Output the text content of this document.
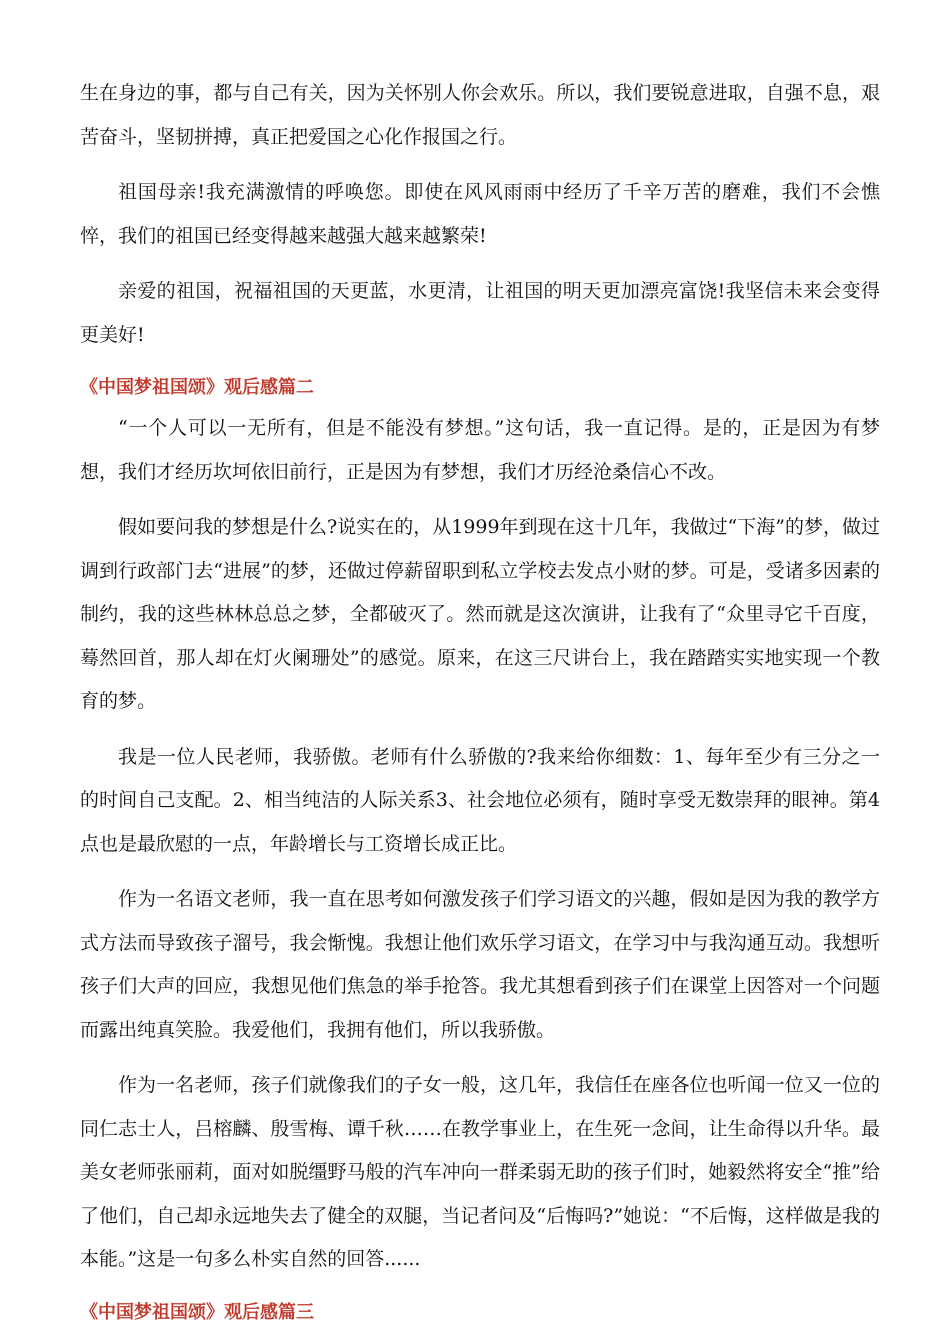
生在身边的事，都与自己有关，因为关怀别人你会欢乐。所以，我们要锐意进取，自强不息，艰苦奋斗，坚韧拼搏，真正把爱国之心化作报国之行。

祖国母亲!我充满激情的呼唤您。即使在风风雨雨中经历了千辛万苦的磨难，我们不会憔悴，我们的祖国已经变得越来越强大越来越繁荣!

亲爱的祖国，祝福祖国的天更蓝，水更清，让祖国的明天更加漂亮富饶!我坚信未来会变得更美好!

《中国梦祖国颂》观后感篇二

“一个人可以一无所有，但是不能没有梦想。”这句话，我一直记得。是的，正是因为有梦想，我们才经历坎坷依旧前行，正是因为有梦想，我们才历经沧桑信心不改。

假如要问我的梦想是什么?说实在的，从1999年到现在这十几年，我做过“下海”的梦，做过调到行政部门去“进展”的梦，还做过停薪留职到私立学校去发点小财的梦。可是，受诸多因素的制约，我的这些林林总总之梦，全都破灭了。然而就是这次演讲，让我有了“众里寻它千百度，蓦然回首，那人却在灯火阑珊处”的感觉。原来，在这三尺讲台上，我在踏踏实实地实现一个教育的梦。

我是一位人民老师，我骄傲。老师有什么骄傲的?我来给你细数：1、每年至少有三分之一的时间自己支配。2、相当纯洁的人际关系3、社会地位必须有，随时享受无数崇拜的眼神。第4点也是最欣慰的一点，年龄增长与工资增长成正比。

作为一名语文老师，我一直在思考如何激发孩子们学习语文的兴趣，假如是因为我的教学方式方法而导致孩子溜号，我会惭愧。我想让他们欢乐学习语文，在学习中与我沟通互动。我想听孩子们大声的回应，我想见他们焦急的举手抢答。我尤其想看到孩子们在课堂上因答对一个问题而露出纯真笑脸。我爱他们，我拥有他们，所以我骄傲。

作为一名老师，孩子们就像我们的子女一般，这几年，我信任在座各位也听闻一位又一位的同仁志士人，吕榕麟、殷雪梅、谭千秋……在教学事业上，在生死一念间，让生命得以升华。最美女老师张丽莉，面对如脱缰野马般的汽车冲向一群柔弱无助的孩子们时，她毅然将安全“推”给了他们，自己却永远地失去了健全的双腿，当记者问及“后悔吗?”她说：“不后悔，这样做是我的本能。”这是一句多么朴实自然的回答......

《中国梦祖国颂》观后感篇三
